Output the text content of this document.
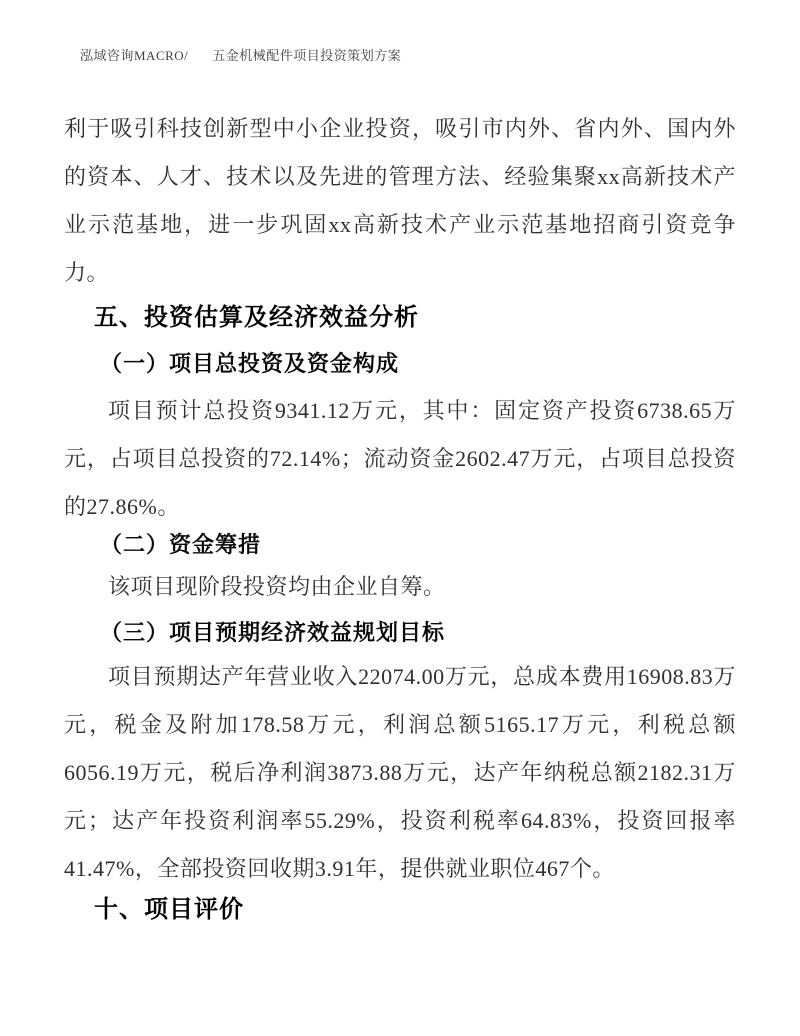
泓域咨询MACRO/ 五金机械配件项目投资策划方案

利于吸引科技创新型中小企业投资，吸引市内外、省内外、国内外的资本、人才、技术以及先进的管理方法、经验集聚xx高新技术产业示范基地，进一步巩固xx高新技术产业示范基地招商引资竞争力。

五、投资估算及经济效益分析
（一）项目总投资及资金构成

项目预计总投资9341.12万元，其中：固定资产投资6738.65万元，占项目总投资的72.14%；流动资金2602.47万元，占项目总投资的27.86%。

（二）资金筹措

该项目现阶段投资均由企业自筹。

（三）项目预期经济效益规划目标

项目预期达产年营业收入22074.00万元，总成本费用16908.83万元，税金及附加178.58万元，利润总额5165.17万元，利税总额6056.19万元，税后净利润3873.88万元，达产年纳税总额2182.31万元；达产年投资利润率55.29%，投资利税率64.83%，投资回报率41.47%，全部投资回收期3.91年，提供就业职位467个。

十、项目评价
